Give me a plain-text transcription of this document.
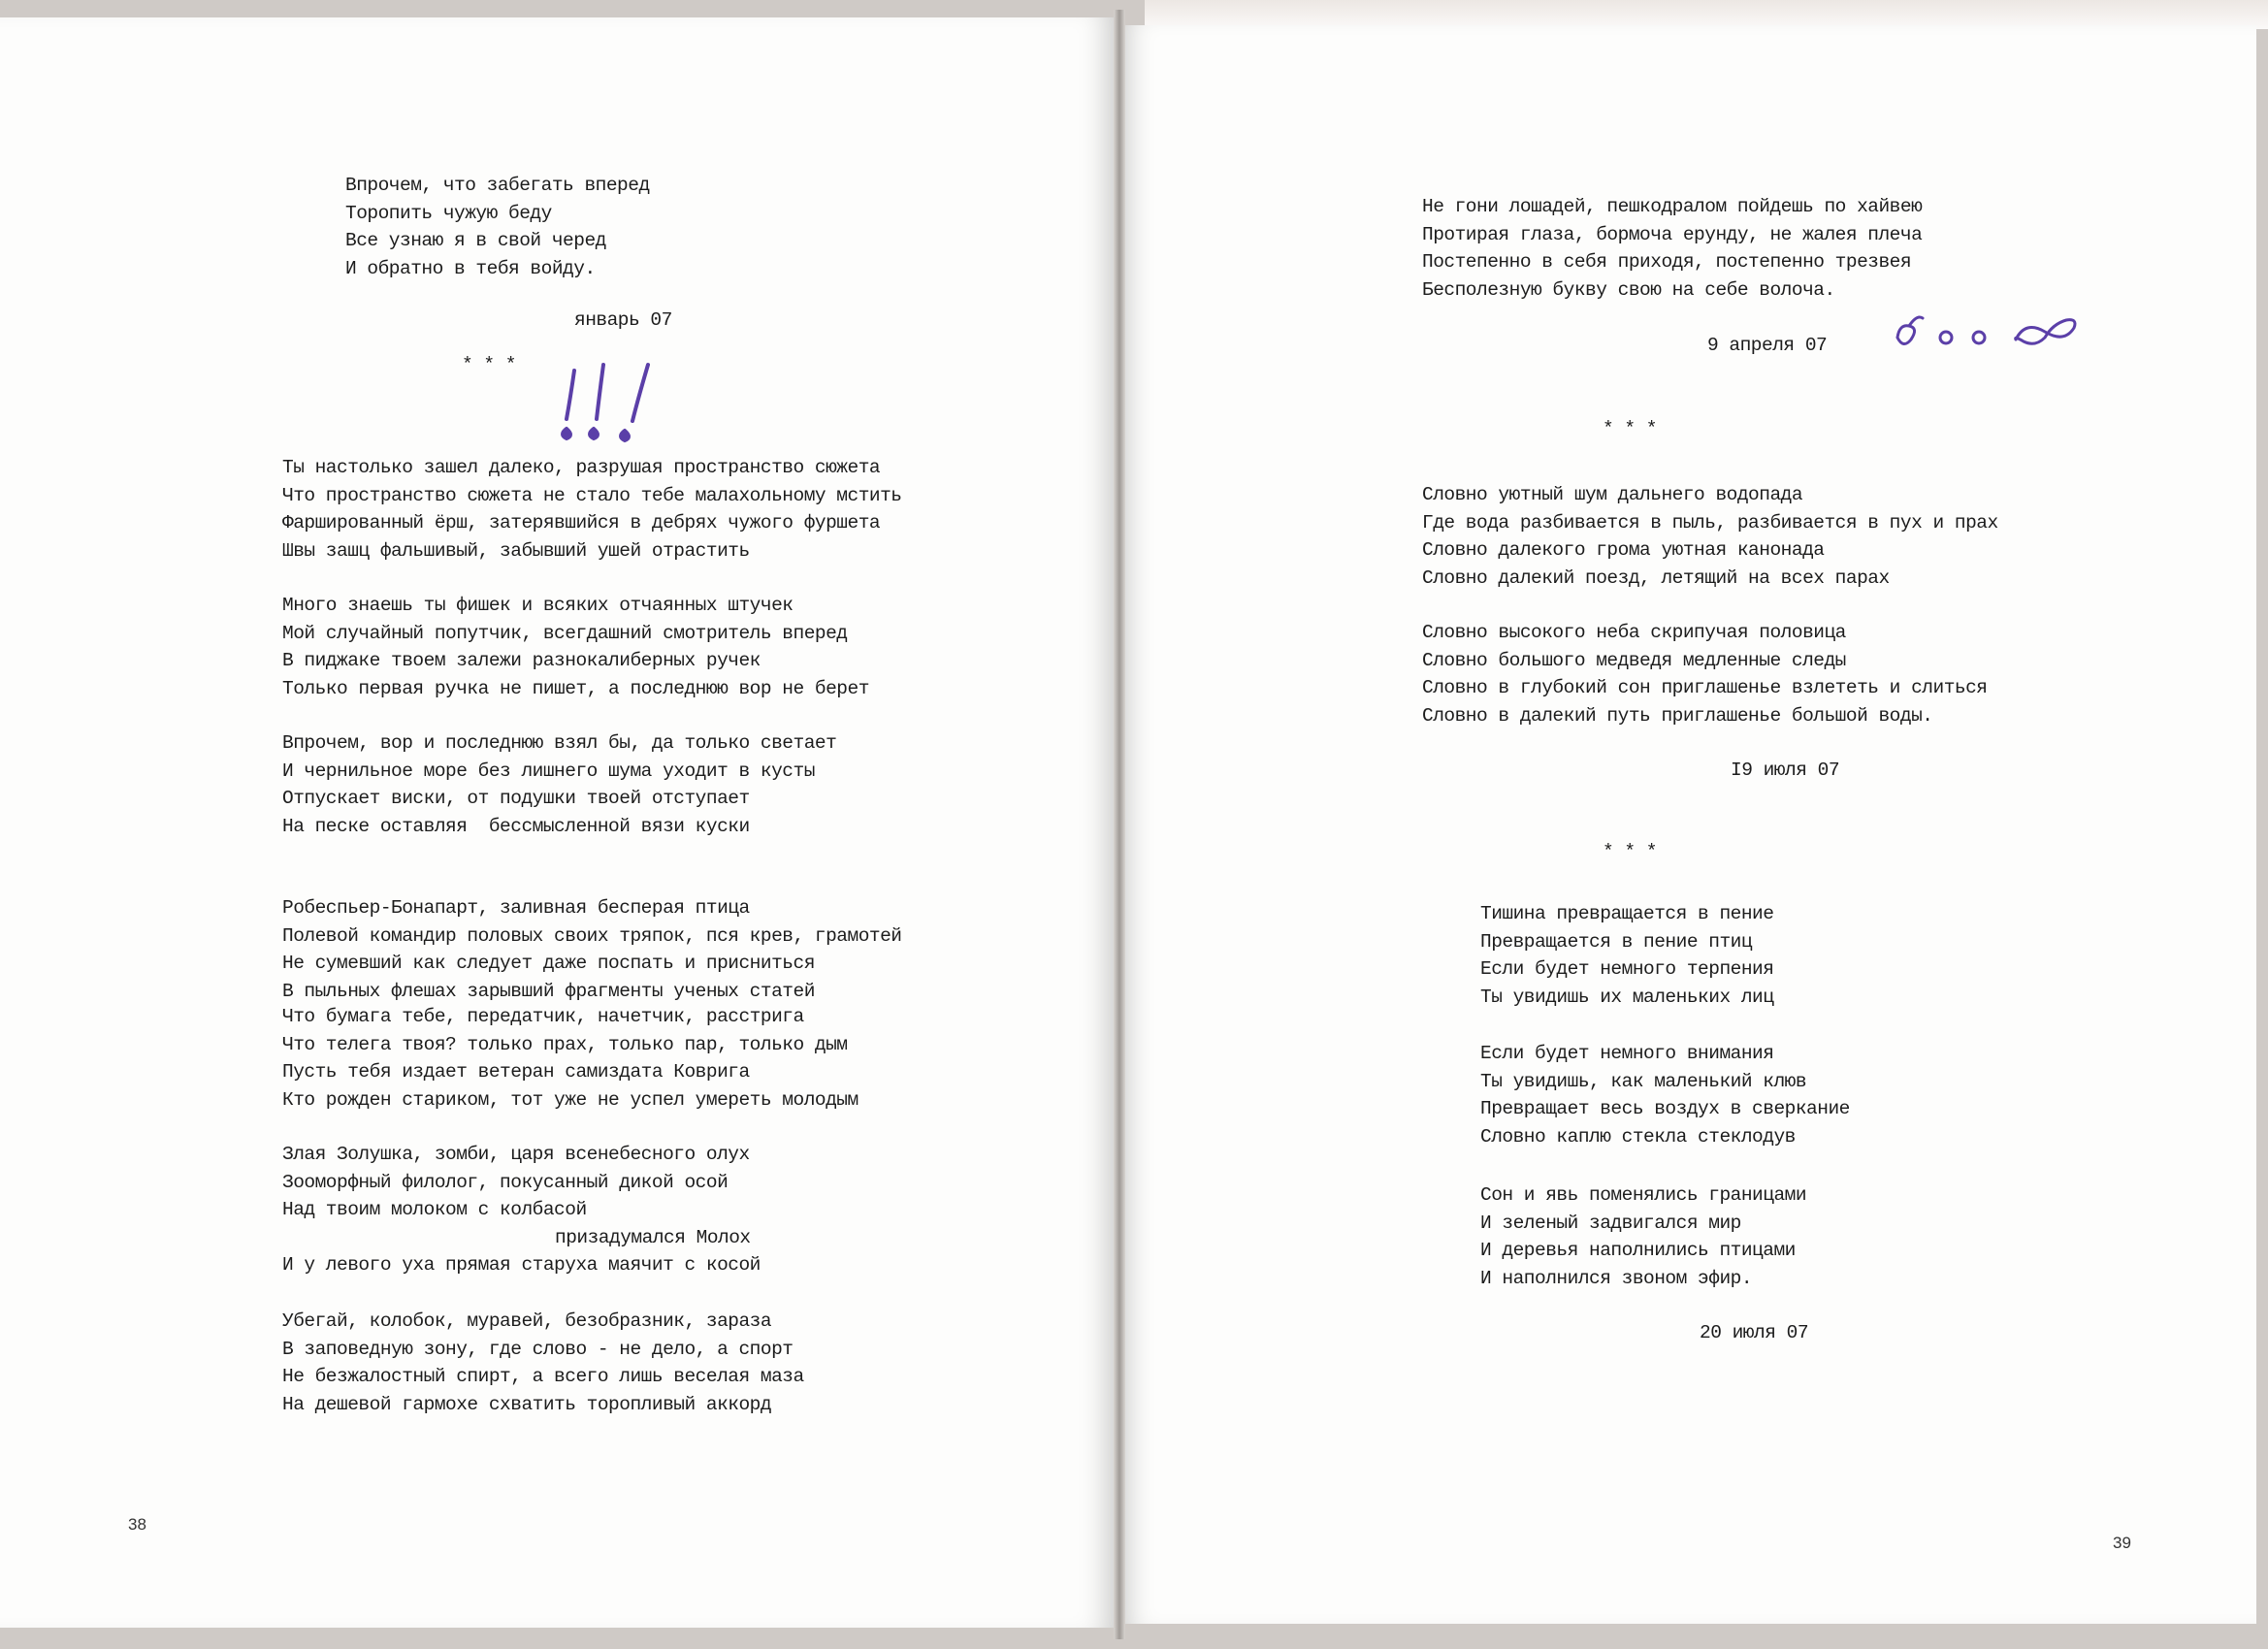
Впрочем, что забегать вперед
Торопить чужую беду
Все узнаю я в свой черед
И обратно в тебя войду.
январь 07
* * *
Ты настолько зашел далеко, разрушая пространство сюжета
Что пространство сюжета не стало тебе малахольному мстить
Фаршированный ёрш, затерявшийся в дебрях чужого фуршета
Швы зашц фальшивый, забывший ушей отрастить
Много знаешь ты фишек и всяких отчаянных штучек
Мой случайный попутчик, всегдашний смотритель вперед
В пиджаке твоем залежи разнокалиберных ручек
Только первая ручка не пишет, а последнюю вор не берет
Впрочем, вор и последнюю взял бы, да только светает
И чернильное море без лишнего шума уходит в кусты
Отпускает виски, от подушки твоей отступает
На песке оставляя  бессмысленной вязи куски
Робеспьер-Бонапарт, заливная бесперая птица
Полевой командир половых своих тряпок, пся крев, грамотей
Не сумевший как следует даже поспать и присниться
В пыльных флешах зарывший фрагменты ученых статей
Что бумага тебе, передатчик, начетчик, расстрига
Что телега твоя? только прах, только пар, только дым
Пусть тебя издает ветеран самиздата Коврига
Кто рожден стариком, тот уже не успел умереть молодым
Злая Золушка, зомби, царя всенебесного олух
Зооморфный филолог, покусанный дикой осой
Над твоим молоком с колбасой
призадумался Молох
И у левого уха прямая старуха маячит с косой
Убегай, колобок, муравей, безобразник, зараза
В заповедную зону, где слово - не дело, а спорт
Не безжалостный спирт, а всего лишь веселая маза
На дешевой гармохе схватить торопливый аккорд
Не гони лошадей, пешкодралом пойдешь по хайвею
Протирая глаза, бормоча ерунду, не жалея плеча
Постепенно в себя приходя, постепенно трезвея
Бесполезную букву свою на себе волоча.
9 апреля 07
* * *
Словно уютный шум дальнего водопада
Где вода разбивается в пыль, разбивается в пух и прах
Словно далекого грома уютная канонада
Словно далекий поезд, летящий на всех парах
Словно высокого неба скрипучая половица
Словно большого медведя медленные следы
Словно в глубокий сон приглашенье взлететь и слиться
Словно в далекий путь приглашенье большой воды.
I9 июля 07
* * *
Тишина превращается в пение
Превращается в пение птиц
Если будет немного терпения
Ты увидишь их маленьких лиц
Если будет немного внимания
Ты увидишь, как маленький клюв
Превращает весь воздух в сверкание
Словно каплю стекла стеклодув
Сон и явь поменялись границами
И зеленый задвигался мир
И деревья наполнились птицами
И наполнился звоном эфир.
20 июля 07
38
39
